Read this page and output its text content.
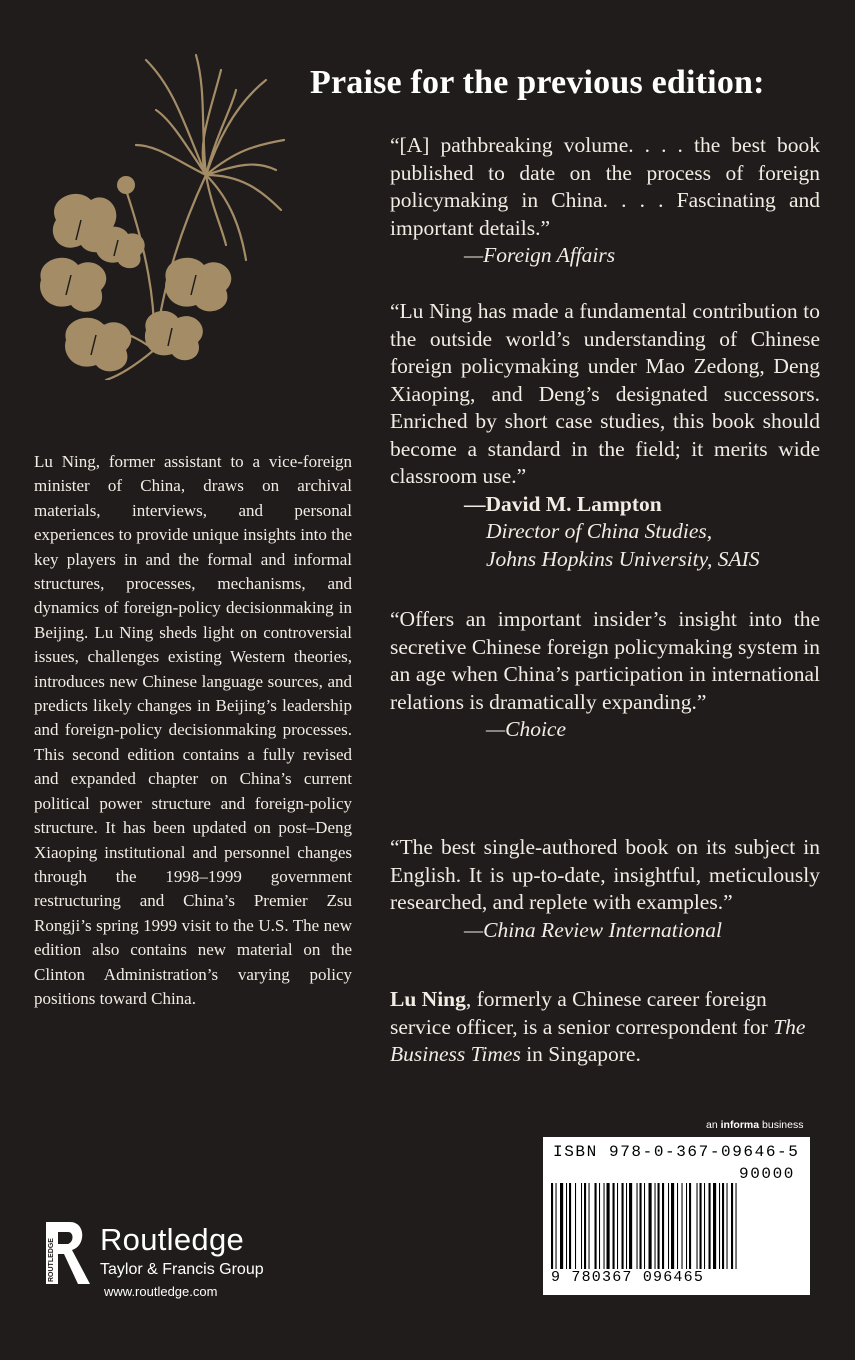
Praise for the previous edition:

“[A] pathbreaking volume. . . . the best book published to date on the process of foreign policymaking in China. . . . Fascinating and important details.”

—Foreign Affairs

“Lu Ning has made a fundamental contribution to the outside world’s understanding of Chinese foreign policymaking under Mao Zedong, Deng Xiaoping, and Deng’s designated successors. Enriched by short case studies, this book should become a standard in the field; it merits wide classroom use.”

—David M. Lampton

Director of China Studies,

Johns Hopkins University, SAIS

“Offers an important insider’s insight into the secretive Chinese foreign policymaking system in an age when China’s participation in international relations is dramatically expanding.”

—Choice

“The best single-authored book on its subject in English. It is up-to-date, insightful, meticulously researched, and replete with examples.”

—China Review International

Lu Ning, formerly a Chinese career foreign service officer, is a senior correspondent for The Business Times in Singapore.
Lu Ning, former assistant to a vice-foreign minister of China, draws on archival materials, interviews, and personal experiences to provide unique insights into the key players in and the formal and informal structures, processes, mechanisms, and dynamics of foreign-policy decisionmaking in Beijing. Lu Ning sheds light on controversial issues, challenges existing Western theories, introduces new Chinese language sources, and predicts likely changes in Beijing’s leadership and foreign-policy decisionmaking processes. This second edition contains a fully revised and expanded chapter on China’s current political power structure and foreign-policy structure. It has been updated on post–Deng Xiaoping institutional and personnel changes through the 1998–1999 government restructuring and China’s Premier Zsu Rongji’s spring 1999 visit to the U.S. The new edition also contains new material on the Clinton Administration’s varying policy positions toward China.
an informa business
ISBN 978-0-367-09646-5
90000
9 780367 096465
ROUTLEDGE Routledge
Taylor & Francis Group
www.routledge.com
